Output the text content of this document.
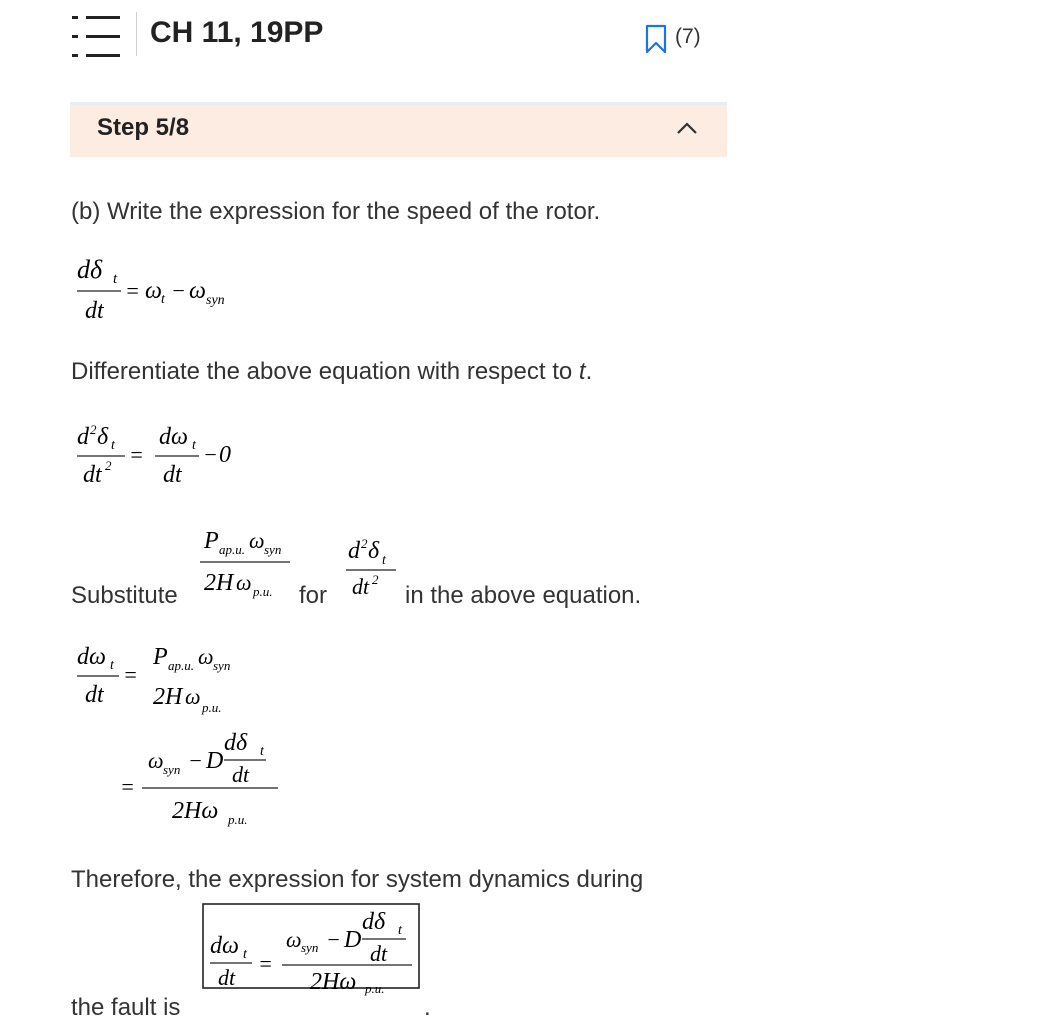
CH 11, 19PP	(7)
Step 5/8
(b) Write the expression for the speed of the rotor.
dδ t
dt
= ω t − ω syn
Differentiate the above equation with respect to t.
d 2 δ t
dt 2 =
dω t
dt
− 0
Substitute
P ap.u. ω syn
2H ω p.u. for
d 2 δ t
dt 2
in the above equation.
dω t
dt
=
P ap.u. ω syn
2H ω p.u.
=
ω syn − D
dδ t
dt
2Hω p.u.
Therefore, the expression for system dynamics during
the fault is
dω t
dt
=
ω syn − D
dδ t
dt
2Hω p.u.
.
